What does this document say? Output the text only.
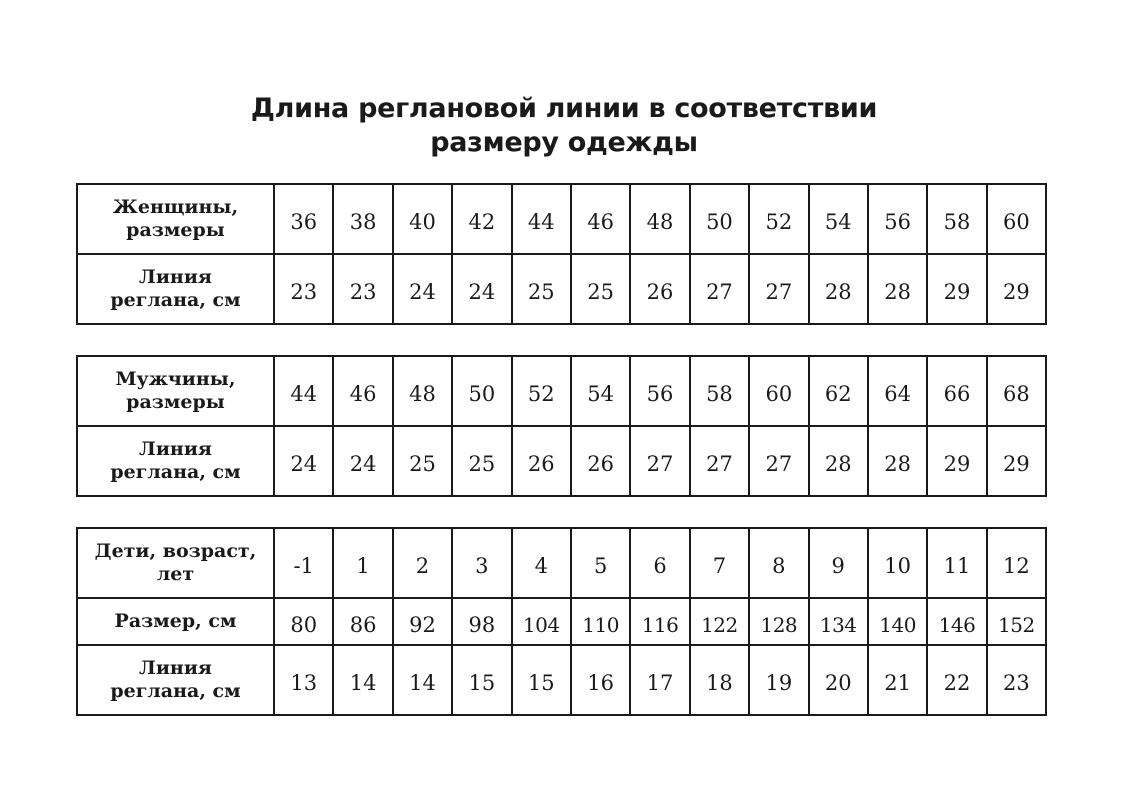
Длина реглановой линии в соответствии
размеру одежды
Женщины,
размеры	36	38	40	42	44	46	48	50	52	54	56	58	60

Линия
реглана, см	23	23	24	24	25	25	26	27	27	28	28	29	29
Мужчины,
размеры	44	46	48	50	52	54	56	58	60	62	64	66	68

Линия
реглана, см	24	24	25	25	26	26	27	27	27	28	28	29	29
Дети, возраст,
лет	-1	1	2	3	4	5	6	7	8	9	10	11	12

Размер, см	80	86	92	98	104	110	116	122	128	134	140	146	152

Линия
реглана, см	13	14	14	15	15	16	17	18	19	20	21	22	23
